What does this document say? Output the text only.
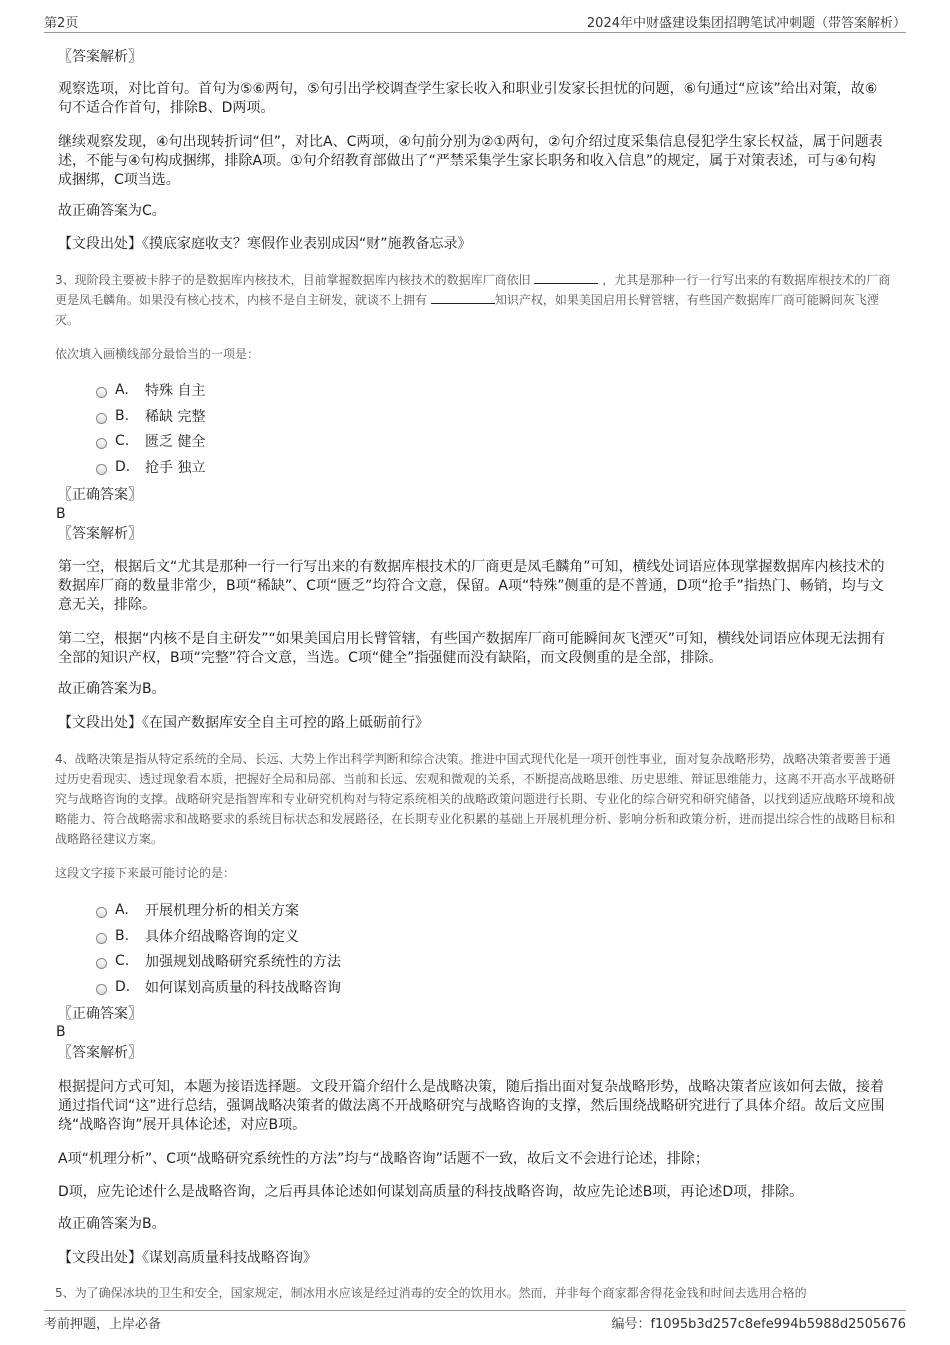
第2页	2024年中财盛建设集团招聘笔试冲刺题（带答案解析）
〖答案解析〗
观察选项，对比首句。首句为⑤⑥两句，⑤句引出学校调查学生家长收入和职业引发家长担忧的问题，⑥句通过“应该”给出对策，故⑥句不适合作首句，排除B、D两项。
继续观察发现，④句出现转折词“但”，对比A、C两项，④句前分别为②①两句，②句介绍过度采集信息侵犯学生家长权益，属于问题表述，不能与④句构成捆绑，排除A项。①句介绍教育部做出了“严禁采集学生家长职务和收入信息”的规定，属于对策表述，可与④句构成捆绑，C项当选。
故正确答案为C。
【文段出处】《摸底家庭收支？寒假作业表别成因“财”施教备忘录》
3、现阶段主要被卡脖子的是数据库内核技术，目前掌握数据库内核技术的数据库厂商依旧	，尤其是那种一行一行写出来的有数据库根技术的厂商更是凤毛麟角。如果没有核心技术，内核不是自主研发，就谈不上拥有	知识产权，如果美国启用长臂管辖，有些国产数据库厂商可能瞬间灰飞湮灭。
依次填入画横线部分最恰当的一项是：
A.	特殊 自主
B.	稀缺 完整
C.	匮乏 健全
D.	抢手 独立
〖正确答案〗
B
〖答案解析〗
第一空，根据后文“尤其是那种一行一行写出来的有数据库根技术的厂商更是凤毛麟角”可知，横线处词语应体现掌握数据库内核技术的数据库厂商的数量非常少，B项“稀缺”、C项“匮乏”均符合文意，保留。A项“特殊”侧重的是不普通，D项“抢手”指热门、畅销，均与文意无关，排除。
第二空，根据“内核不是自主研发”“如果美国启用长臂管辖，有些国产数据库厂商可能瞬间灰飞湮灭”可知，横线处词语应体现无法拥有全部的知识产权，B项“完整”符合文意，当选。C项“健全”指强健而没有缺陷，而文段侧重的是全部，排除。
故正确答案为B。
【文段出处】《在国产数据库安全自主可控的路上砥砺前行》
4、战略决策是指从特定系统的全局、长远、大势上作出科学判断和综合决策。推进中国式现代化是一项开创性事业，面对复杂战略形势，战略决策者要善于通过历史看现实、透过现象看本质，把握好全局和局部、当前和长远、宏观和微观的关系，不断提高战略思维、历史思维、辩证思维能力，这离不开高水平战略研究与战略咨询的支撑。战略研究是指智库和专业研究机构对与特定系统相关的战略政策问题进行长期、专业化的综合研究和研究储备，以找到适应战略环境和战略能力、符合战略需求和战略要求的系统目标状态和发展路径，在长期专业化积累的基础上开展机理分析、影响分析和政策分析，进而提出综合性的战略目标和战略路径建议方案。
这段文字接下来最可能讨论的是：
A.	开展机理分析的相关方案
B.	具体介绍战略咨询的定义
C.	加强规划战略研究系统性的方法
D.	如何谋划高质量的科技战略咨询
〖正确答案〗
B
〖答案解析〗
根据提问方式可知，本题为接语选择题。文段开篇介绍什么是战略决策，随后指出面对复杂战略形势，战略决策者应该如何去做，接着通过指代词“这”进行总结，强调战略决策者的做法离不开战略研究与战略咨询的支撑，然后围绕战略研究进行了具体介绍。故后文应围绕“战略咨询”展开具体论述，对应B项。
A项“机理分析”、C项“战略研究系统性的方法”均与“战略咨询”话题不一致，故后文不会进行论述，排除；
D项，应先论述什么是战略咨询，之后再具体论述如何谋划高质量的科技战略咨询，故应先论述B项，再论述D项，排除。
故正确答案为B。
【文段出处】《谋划高质量科技战略咨询》
5、为了确保冰块的卫生和安全，国家规定，制冰用水应该是经过消毒的安全的饮用水。然而，并非每个商家都舍得花金钱和时间去选用合格的
考前押题，上岸必备	编号：f1095b3d257c8efe994b5988d2505676
